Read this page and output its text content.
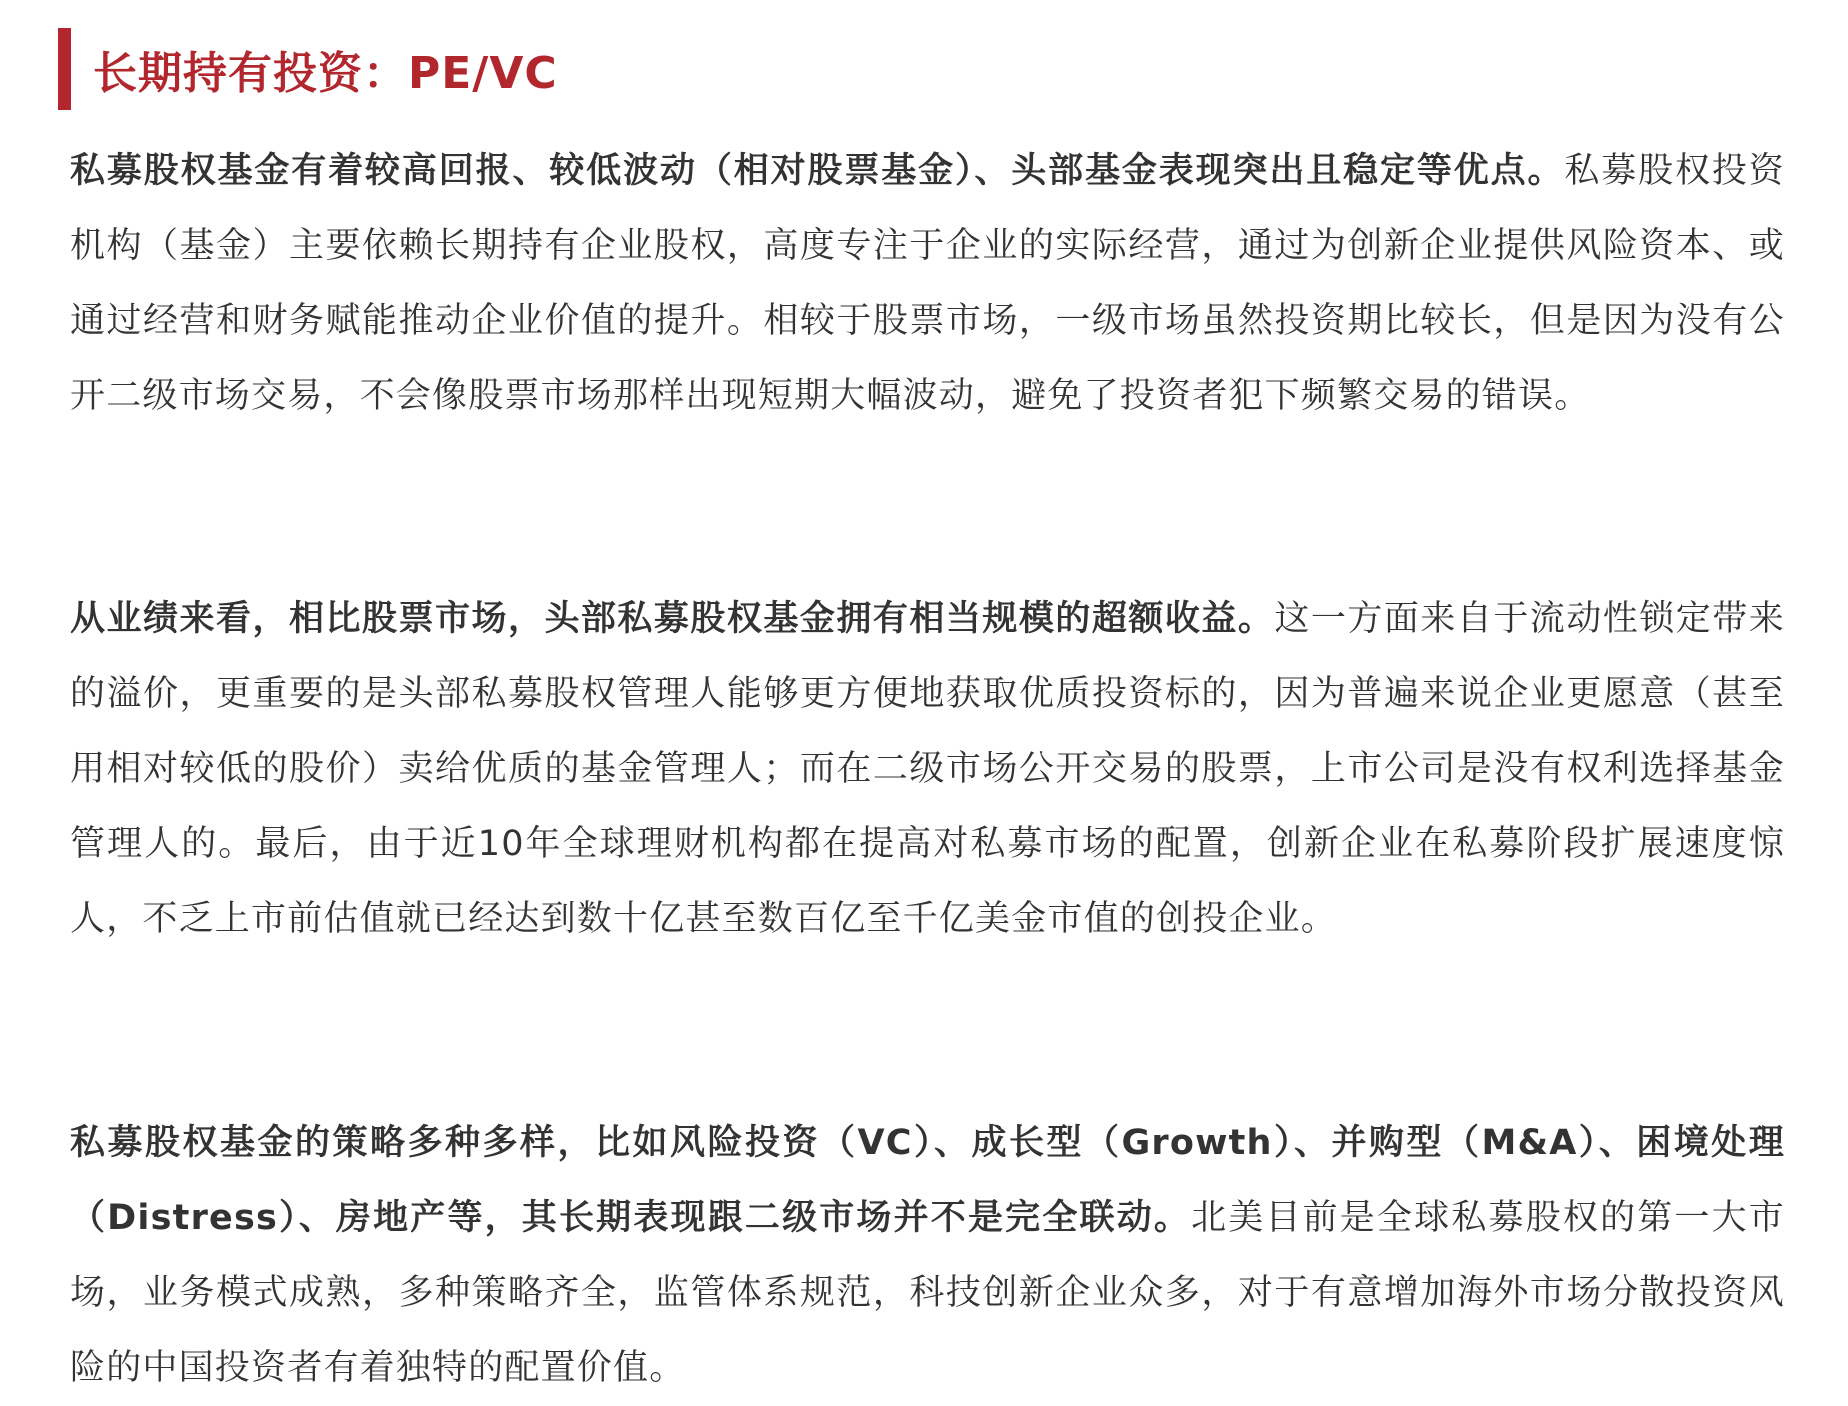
长期持有投资：PE/VC

私募股权基金有着较高回报、较低波动（相对股票基金）、头部基金表现突出且稳定等优点。私募股权投资机构（基金）主要依赖长期持有企业股权，高度专注于企业的实际经营，通过为创新企业提供风险资本、或通过经营和财务赋能推动企业价值的提升。相较于股票市场，一级市场虽然投资期比较长，但是因为没有公开二级市场交易，不会像股票市场那样出现短期大幅波动，避免了投资者犯下频繁交易的错误。

从业绩来看，相比股票市场，头部私募股权基金拥有相当规模的超额收益。这一方面来自于流动性锁定带来的溢价，更重要的是头部私募股权管理人能够更方便地获取优质投资标的，因为普遍来说企业更愿意（甚至用相对较低的股价）卖给优质的基金管理人；而在二级市场公开交易的股票，上市公司是没有权利选择基金管理人的。最后，由于近10年全球理财机构都在提高对私募市场的配置，创新企业在私募阶段扩展速度惊人，不乏上市前估值就已经达到数十亿甚至数百亿至千亿美金市值的创投企业。

私募股权基金的策略多种多样，比如风险投资（VC）、成长型（Growth）、并购型（M&A）、困境处理（Distress）、房地产等，其长期表现跟二级市场并不是完全联动。北美目前是全球私募股权的第一大市场，业务模式成熟，多种策略齐全，监管体系规范，科技创新企业众多，对于有意增加海外市场分散投资风险的中国投资者有着独特的配置价值。
